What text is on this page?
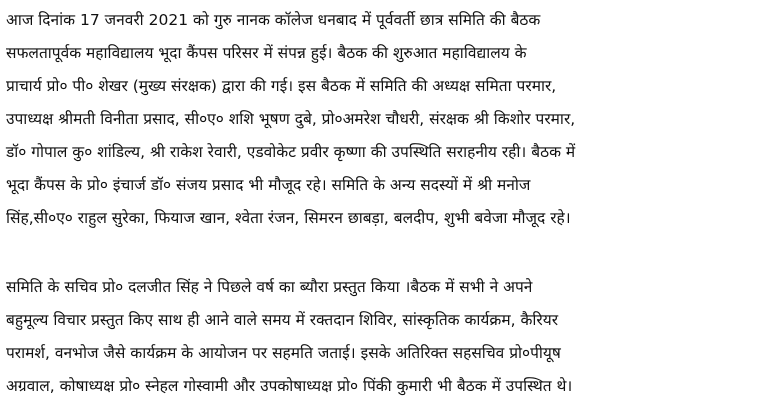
आज दिनांक 17 जनवरी 2021 को गुरु नानक कॉलेज धनबाद में पूर्ववर्ती छात्र समिति की बैठक
सफलतापूर्वक महाविद्यालय भूदा कैंपस परिसर में संपन्न हुई। बैठक की शुरुआत महाविद्यालय के
प्राचार्य प्रो० पी० शेखर (मुख्य संरक्षक) द्वारा की गई। इस बैठक में समिति की अध्यक्ष समिता परमार,
उपाध्यक्ष श्रीमती विनीता प्रसाद, सी०ए० शशि भूषण दुबे, प्रो०अमरेश चौधरी, संरक्षक श्री किशोर परमार,
डॉ० गोपाल कु० शांडिल्य, श्री राकेश रेवारी, एडवोकेट प्रवीर कृष्णा की उपस्थिति सराहनीय रही। बैठक में
भूदा कैंपस के प्रो० इंचार्ज डॉ० संजय प्रसाद भी मौजूद रहे। समिति के अन्य सदस्यों में श्री मनोज
सिंह,सी०ए० राहुल सुरेका, फियाज खान, श्वेता रंजन, सिमरन छाबड़ा, बलदीप, शुभी बवेजा मौजूद रहे।
समिति के सचिव प्रो० दलजीत सिंह ने पिछले वर्ष का ब्यौरा प्रस्तुत किया ।बैठक में सभी ने अपने
बहुमूल्य विचार प्रस्तुत किए साथ ही आने वाले समय में रक्तदान शिविर, सांस्कृतिक कार्यक्रम, कैरियर
परामर्श, वनभोज जैसे कार्यक्रम के आयोजन पर सहमति जताई। इसके अतिरिक्त सहसचिव प्रो०पीयूष
अग्रवाल, कोषाध्यक्ष प्रो० स्नेहल गोस्वामी और उपकोषाध्यक्ष प्रो० पिंकी कुमारी भी बैठक में उपस्थित थे।
